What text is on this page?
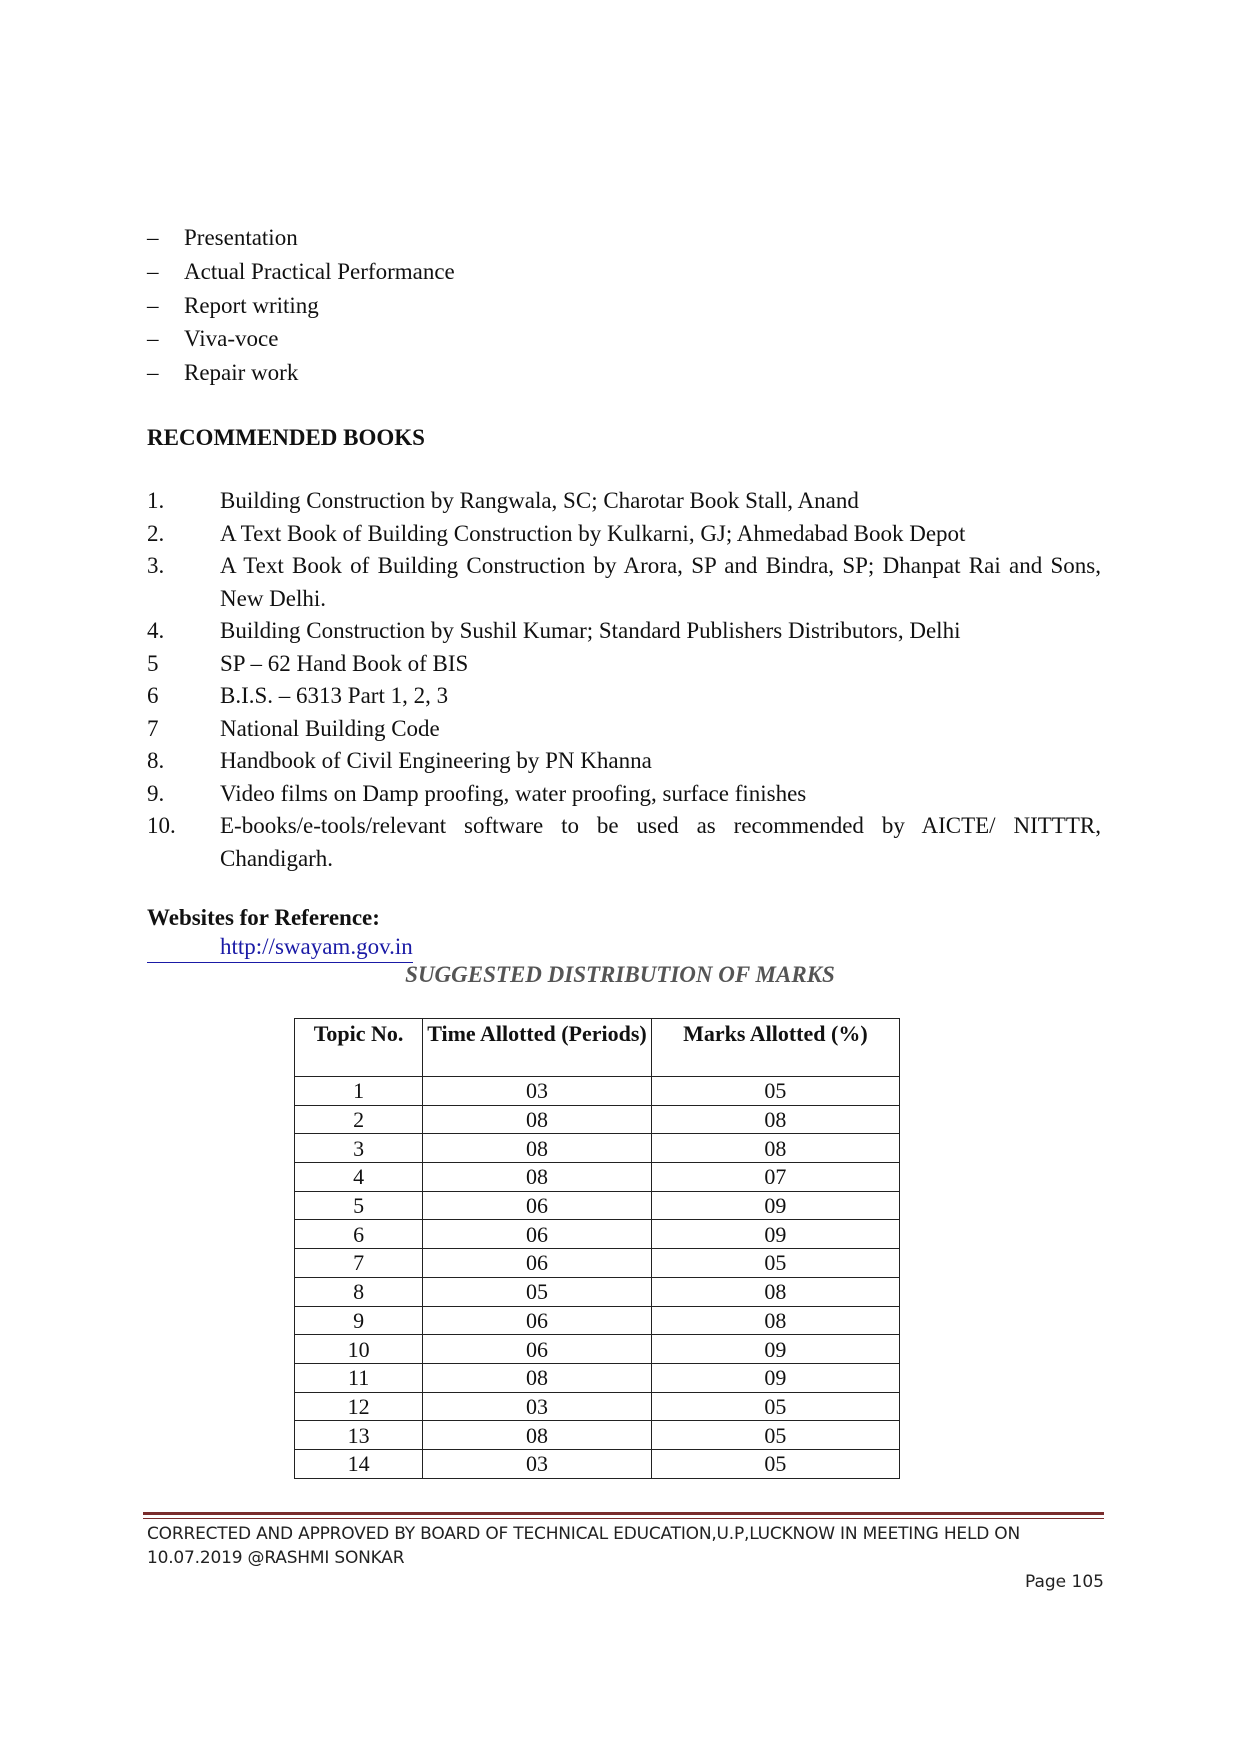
– Presentation
– Actual Practical Performance
– Report writing
– Viva-voce
– Repair work
RECOMMENDED BOOKS
1.	Building Construction by Rangwala, SC; Charotar Book Stall, Anand
2.	A Text Book of Building Construction by Kulkarni, GJ; Ahmedabad Book Depot
3.	A Text Book of Building Construction by Arora, SP and Bindra, SP; Dhanpat Rai and Sons, New Delhi.
4.	Building Construction by Sushil Kumar; Standard Publishers Distributors, Delhi
5	SP – 62 Hand Book of BIS
6	B.I.S. – 6313 Part 1, 2, 3
7	National Building Code
8.	Handbook of Civil Engineering by PN Khanna
9.	Video films on Damp proofing, water proofing, surface finishes
10.	E-books/e-tools/relevant software to be used as recommended by AICTE/ NITTTR, Chandigarh.
Websites for Reference:
http://swayam.gov.in
SUGGESTED DISTRIBUTION OF MARKS
Topic No.	Time Allotted (Periods)	Marks Allotted (%)
1	03	05
2	08	08
3	08	08
4	08	07
5	06	09
6	06	09
7	06	05
8	05	08
9	06	08
10	06	09
11	08	09
12	03	05
13	08	05
14	03	05
CORRECTED AND APPROVED BY BOARD OF TECHNICAL EDUCATION,U.P,LUCKNOW IN MEETING HELD ON
10.07.2019 @RASHMI SONKAR
Page 105
